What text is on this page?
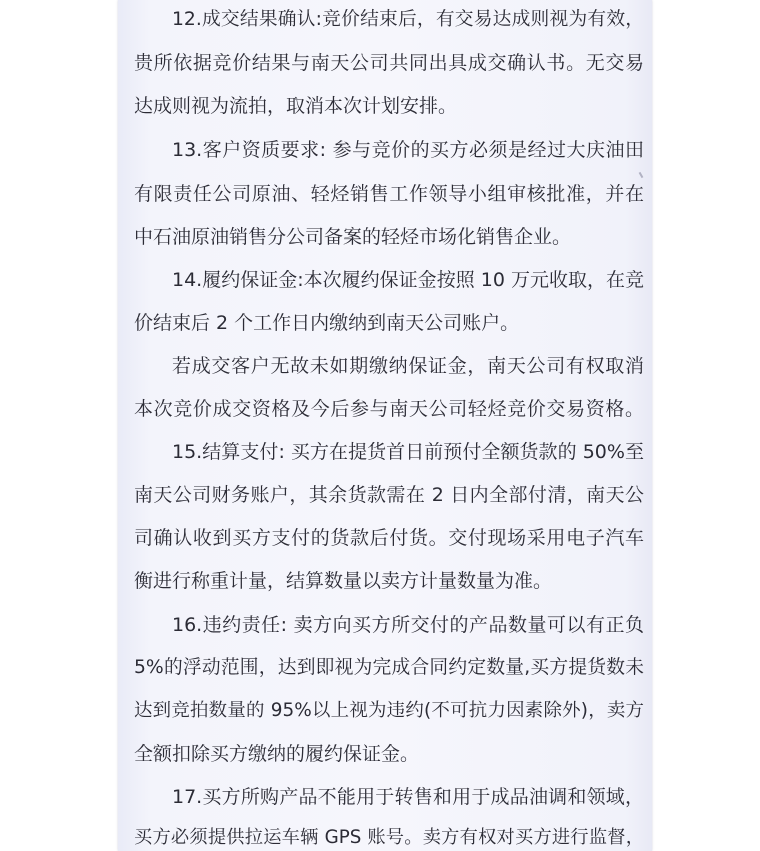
12.成交结果确认:竞价结束后，有交易达成则视为有效，
贵所依据竞价结果与南天公司共同出具成交确认书。无交易
达成则视为流拍，取消本次计划安排。
13.客户资质要求: 参与竞价的买方必须是经过大庆油田
有限责任公司原油、轻烃销售工作领导小组审核批准，并在
中石油原油销售分公司备案的轻烃市场化销售企业。
14.履约保证金:本次履约保证金按照 10 万元收取，在竞
价结束后 2 个工作日内缴纳到南天公司账户。
若成交客户无故未如期缴纳保证金，南天公司有权取消
本次竞价成交资格及今后参与南天公司轻烃竞价交易资格。
15.结算支付: 买方在提货首日前预付全额货款的 50%至
南天公司财务账户，其余货款需在 2 日内全部付清，南天公
司确认收到买方支付的货款后付货。交付现场采用电子汽车
衡进行称重计量，结算数量以卖方计量数量为准。
16.违约责任: 卖方向买方所交付的产品数量可以有正负
5%的浮动范围，达到即视为完成合同约定数量,买方提货数未
达到竞拍数量的 95%以上视为违约(不可抗力因素除外)，卖方
全额扣除买方缴纳的履约保证金。
17.买方所购产品不能用于转售和用于成品油调和领域，
买方必须提供拉运车辆 GPS 账号。卖方有权对买方进行监督，
